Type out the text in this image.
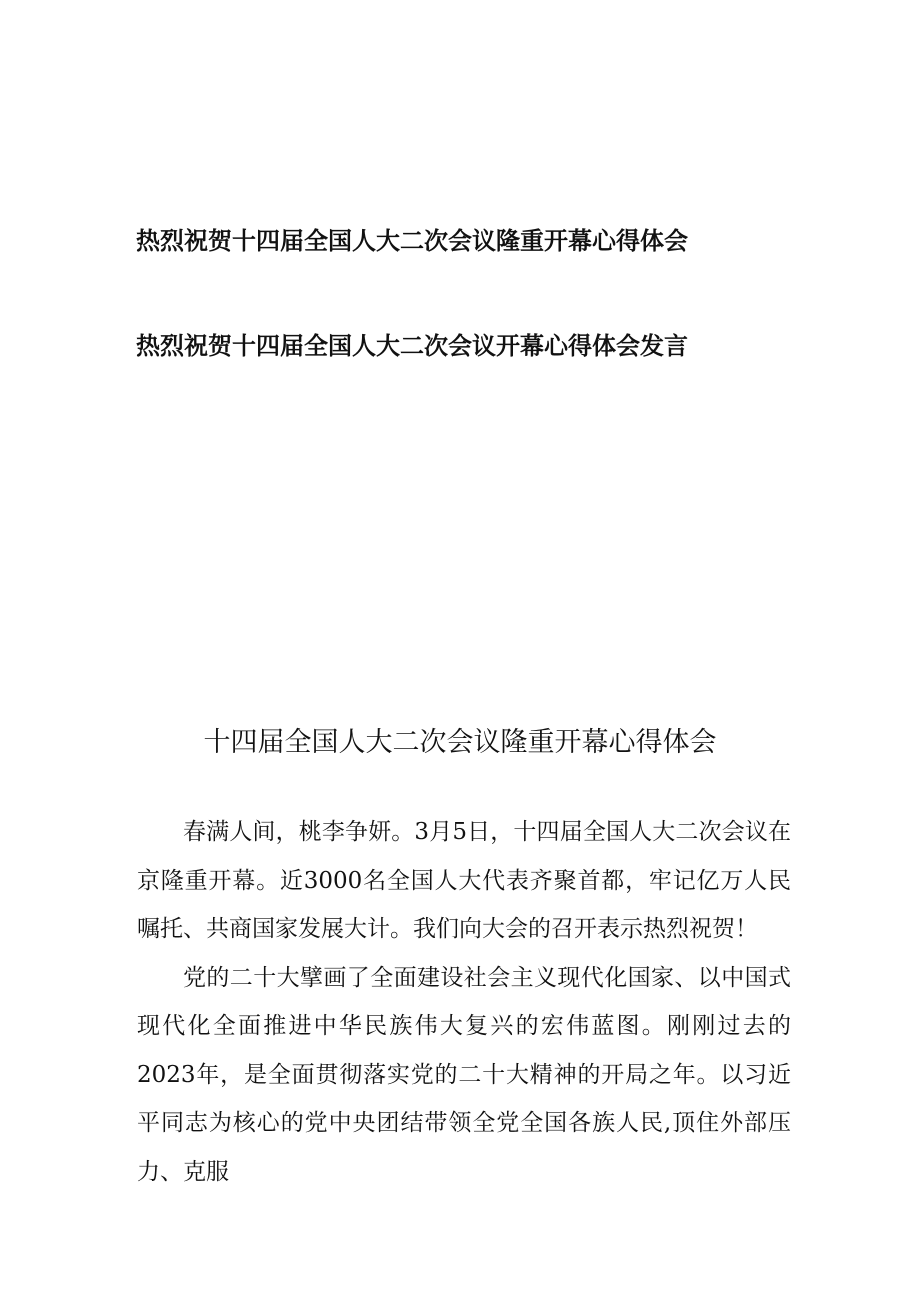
热烈祝贺十四届全国人大二次会议隆重开幕心得体会
热烈祝贺十四届全国人大二次会议开幕心得体会发言
十四届全国人大二次会议隆重开幕心得体会

春满人间，桃李争妍。3月5日，十四届全国人大二次会议在京隆重开幕。近3000名全国人大代表齐聚首都，牢记亿万人民嘱托、共商国家发展大计。我们向大会的召开表示热烈祝贺！

党的二十大擘画了全面建设社会主义现代化国家、以中国式现代化全面推进中华民族伟大复兴的宏伟蓝图。刚刚过去的2023年，是全面贯彻落实党的二十大精神的开局之年。以习近平同志为核心的党中央团结带领全党全国各族人民,顶住外部压力、克服
